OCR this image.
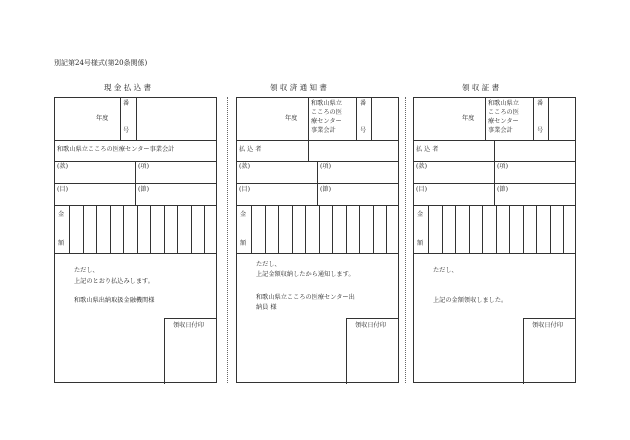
別記第24号様式(第20条関係)
現 金 払 込 書
年度
番
号
和歌山県立こころの医療センター事業会計
(款)	(項)
(目)	(節)
金
額
ただし、
上記のとおり払込みします。
和歌山県出納取扱金融機関様
領収日付印
領 収 済 通 知 書
年度
和歌山県立
こころの医
療センター
事業会計
番
号
払 込 者
(款)	(項)
(目)	(節)
金
額
ただし、
上記金額収納したから通知します。
和歌山県立こころの医療センター出
納員 様
領収日付印
領 収 証 書
年度
和歌山県立
こころの医
療センター
事業会計
番
号
払 込 者
(款)	(項)
(目)	(節)
金
額
ただし、
上記の金額領収しました。
領収日付印
